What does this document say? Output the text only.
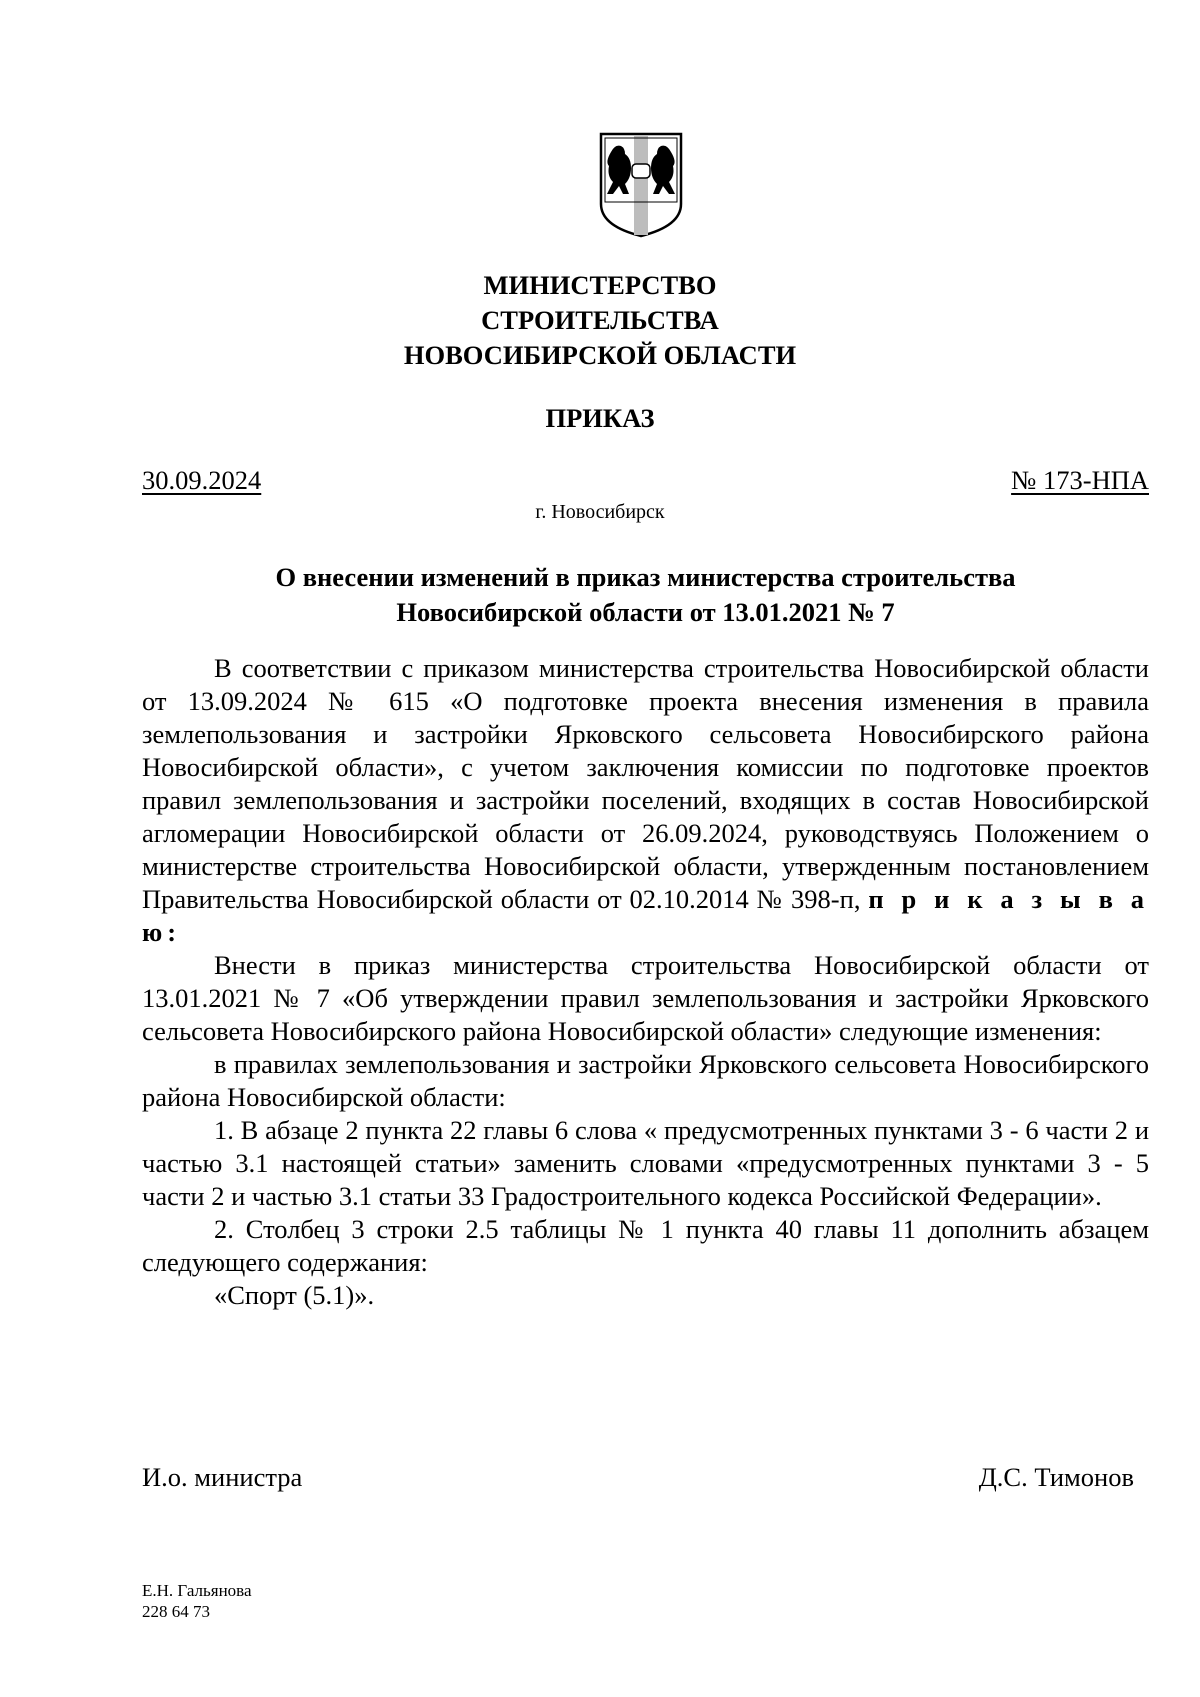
МИНИСТЕРСТВО
СТРОИТЕЛЬСТВА
НОВОСИБИРСКОЙ ОБЛАСТИ
ПРИКАЗ
30.09.2024	№ 173-НПА
г. Новосибирск
О внесении изменений в приказ министерства строительства
Новосибирской области от 13.01.2021 № 7

В соответствии с приказом министерства строительства Новосибирской области от 13.09.2024 № 615 «О подготовке проекта внесения изменения в правила землепользования и застройки Ярковского сельсовета Новосибирского района Новосибирской области», с учетом заключения комиссии по подготовке проектов правил землепользования и застройки поселений, входящих в состав Новосибирской агломерации Новосибирской области от 26.09.2024, руководствуясь Положением о министерстве строительства Новосибирской области, утвержденным постановлением Правительства Новосибирской области от 02.10.2014 № 398-п, п р и к а з ы в а ю:

Внести в приказ министерства строительства Новосибирской области от 13.01.2021 № 7 «Об утверждении правил землепользования и застройки Ярковского сельсовета Новосибирского района Новосибирской области» следующие изменения:

в правилах землепользования и застройки Ярковского сельсовета Новосибирского района Новосибирской области:

1. В абзаце 2 пункта 22 главы 6 слова « предусмотренных пунктами 3 - 6 части 2 и частью 3.1 настоящей статьи» заменить словами «предусмотренных пунктами 3 - 5 части 2 и частью 3.1 статьи 33 Градостроительного кодекса Российской Федерации».

2. Столбец 3 строки 2.5 таблицы № 1 пункта 40 главы 11 дополнить абзацем следующего содержания:

«Спорт (5.1)».

И.о. министра	Д.С. Тимонов
Е.Н. Гальянова
228 64 73
